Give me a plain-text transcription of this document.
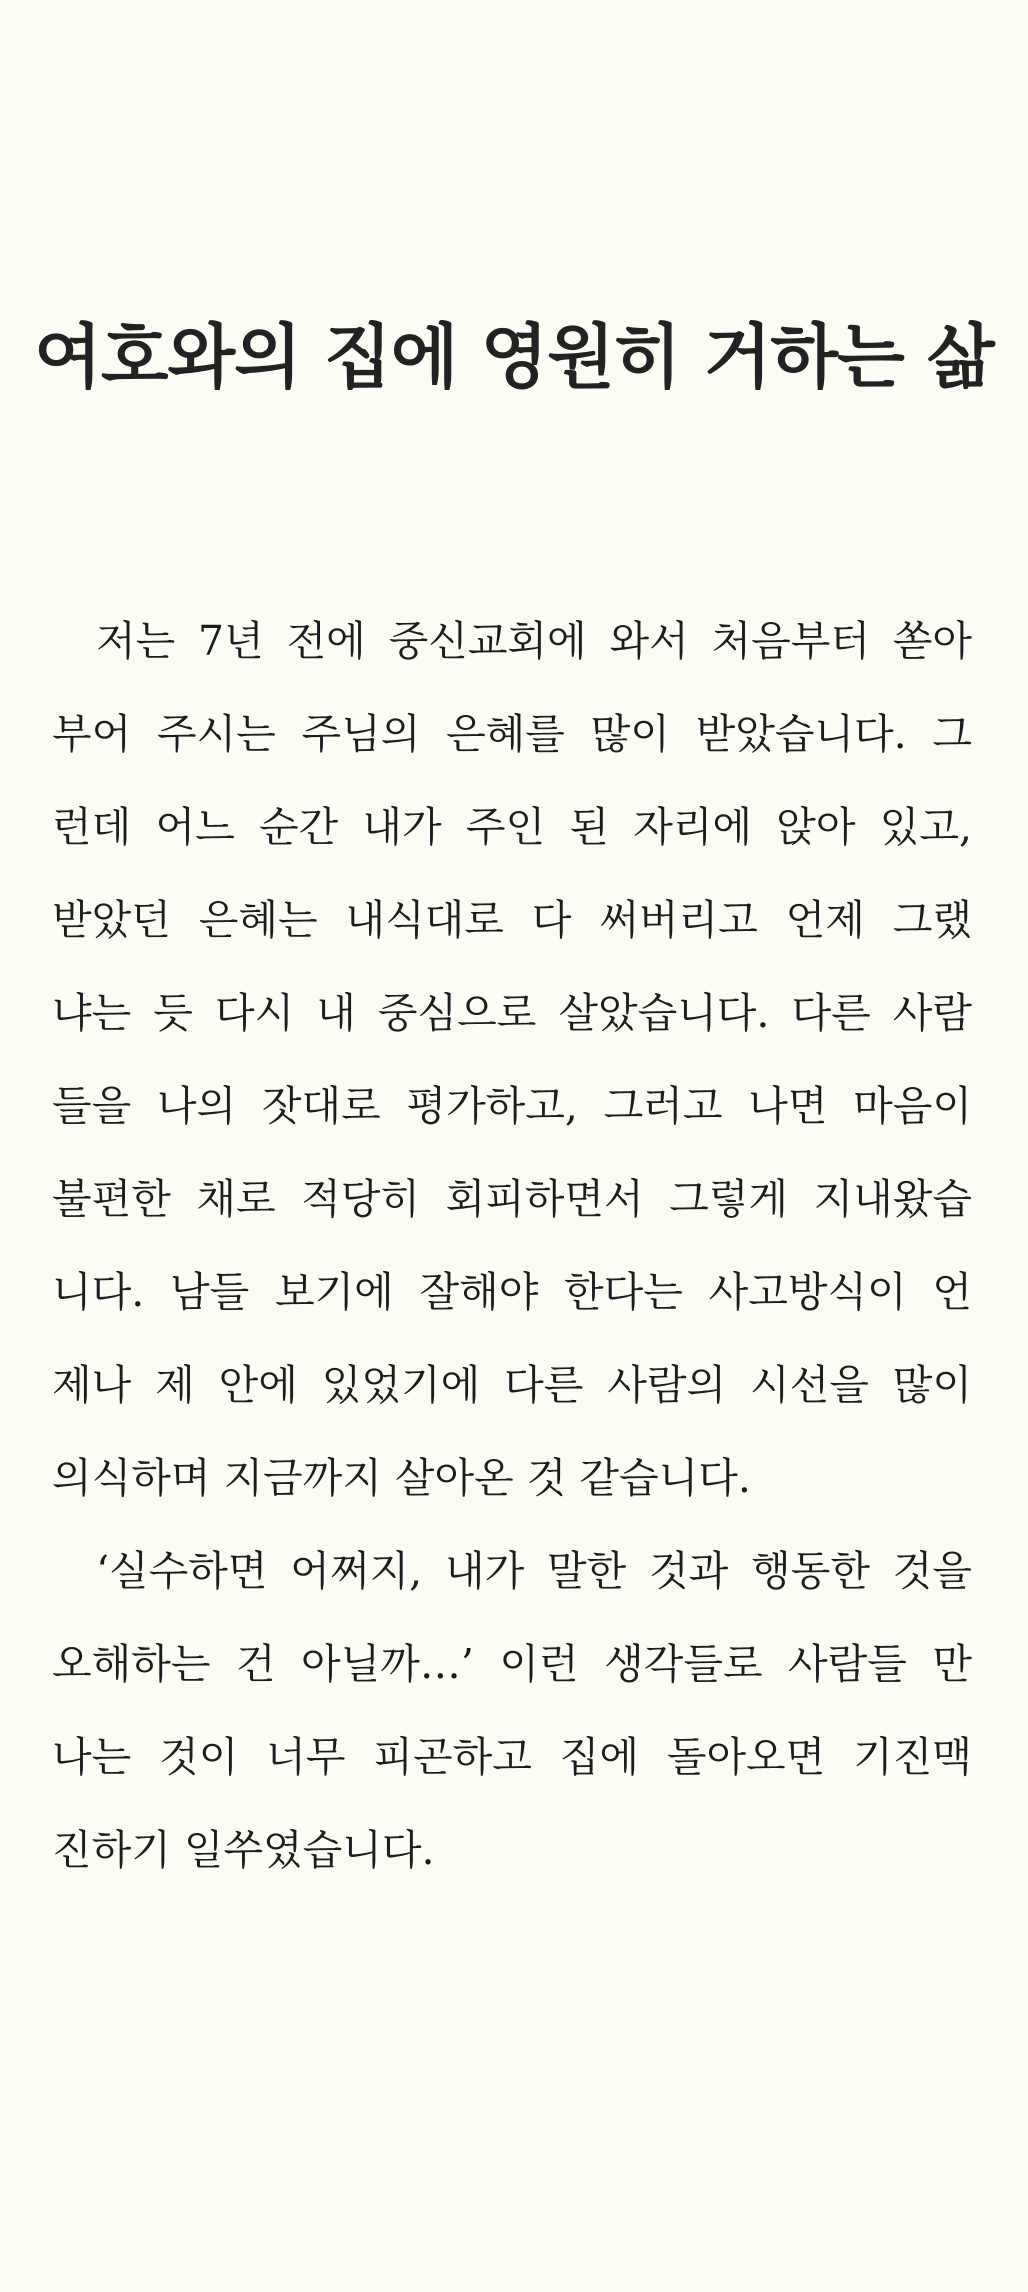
여호와의 집에 영원히 거하는 삶
저는 7년 전에 중신교회에 와서 처음부터 쏟아
부어 주시는 주님의 은혜를 많이 받았습니다. 그
런데 어느 순간 내가 주인 된 자리에 앉아 있고,
받았던 은혜는 내식대로 다 써버리고 언제 그랬
냐는 듯 다시 내 중심으로 살았습니다. 다른 사람
들을 나의 잣대로 평가하고, 그러고 나면 마음이
불편한 채로 적당히 회피하면서 그렇게 지내왔습
니다. 남들 보기에 잘해야 한다는 사고방식이 언
제나 제 안에 있었기에 다른 사람의 시선을 많이
의식하며 지금까지 살아온 것 같습니다.
‘실수하면 어쩌지, 내가 말한 것과 행동한 것을
오해하는 건 아닐까…’ 이런 생각들로 사람들 만
나는 것이 너무 피곤하고 집에 돌아오면 기진맥
진하기 일쑤였습니다.
